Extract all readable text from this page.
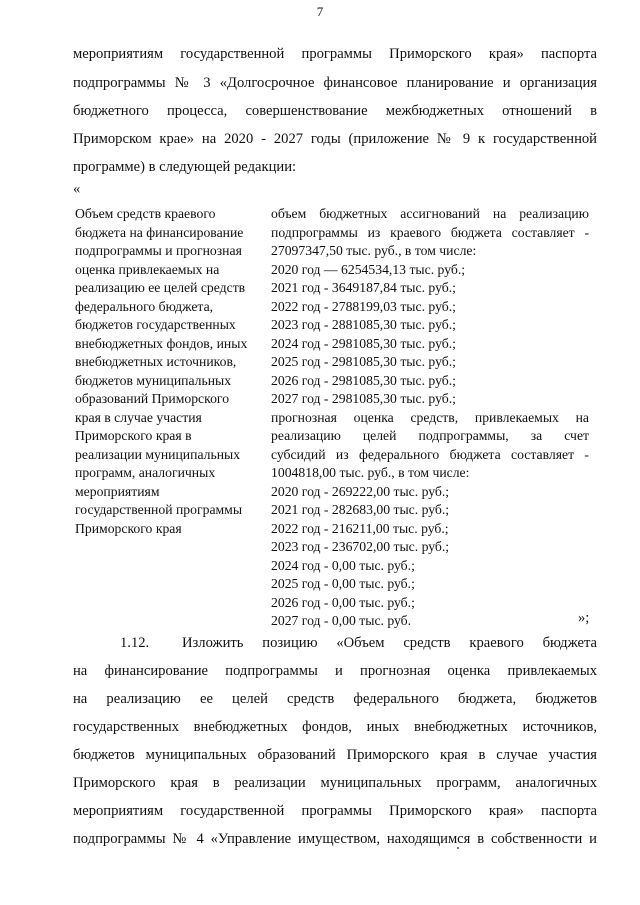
7
мероприятиям государственной программы Приморского края» паспорта
подпрограммы № 3 «Долгосрочное финансовое планирование и организация
бюджетного процесса, совершенствование межбюджетных отношений в
Приморском крае» на 2020 - 2027 годы (приложение № 9 к государственной
программе) в следующей редакции:
«
Объем средств краевого
бюджета на финансирование
подпрограммы и прогнозная
оценка привлекаемых на
реализацию ее целей средств
федерального бюджета,
бюджетов государственных
внебюджетных фондов, иных
внебюджетных источников,
бюджетов муниципальных
образований Приморского
края в случае участия
Приморского края в
реализации муниципальных
программ, аналогичных
мероприятиям
государственной программы
Приморского края
объем бюджетных ассигнований на реализацию
подпрограммы из краевого бюджета составляет -
27097347,50 тыс. руб., в том числе:
2020 год — 6254534,13 тыс. руб.;
2021 год - 3649187,84 тыс. руб.;
2022 год - 2788199,03 тыс. руб.;
2023 год - 2881085,30 тыс. руб.;
2024 год - 2981085,30 тыс. руб.;
2025 год - 2981085,30 тыс. руб.;
2026 год - 2981085,30 тыс. руб.;
2027 год - 2981085,30 тыс. руб.;
прогнозная оценка средств, привлекаемых на
реализацию целей подпрограммы, за счет
субсидий из федерального бюджета составляет -
1004818,00 тыс. руб., в том числе:
2020 год - 269222,00 тыс. руб.;
2021 год - 282683,00 тыс. руб.;
2022 год - 216211,00 тыс. руб.;
2023 год - 236702,00 тыс. руб.;
2024 год - 0,00 тыс. руб.;
2025 год - 0,00 тыс. руб.;
2026 год - 0,00 тыс. руб.;
2027 год - 0,00 тыс. руб.	»;
1.12. Изложить позицию «Объем средств краевого бюджета
на финансирование подпрограммы и прогнозная оценка привлекаемых
на реализацию ее целей средств федерального бюджета, бюджетов
государственных внебюджетных фондов, иных внебюджетных источников,
бюджетов муниципальных образований Приморского края в случае участия
Приморского края в реализации муниципальных программ, аналогичных
мероприятиям государственной программы Приморского края» паспорта
подпрограммы № 4 «Управление имуществом, находящимся в собственности и
